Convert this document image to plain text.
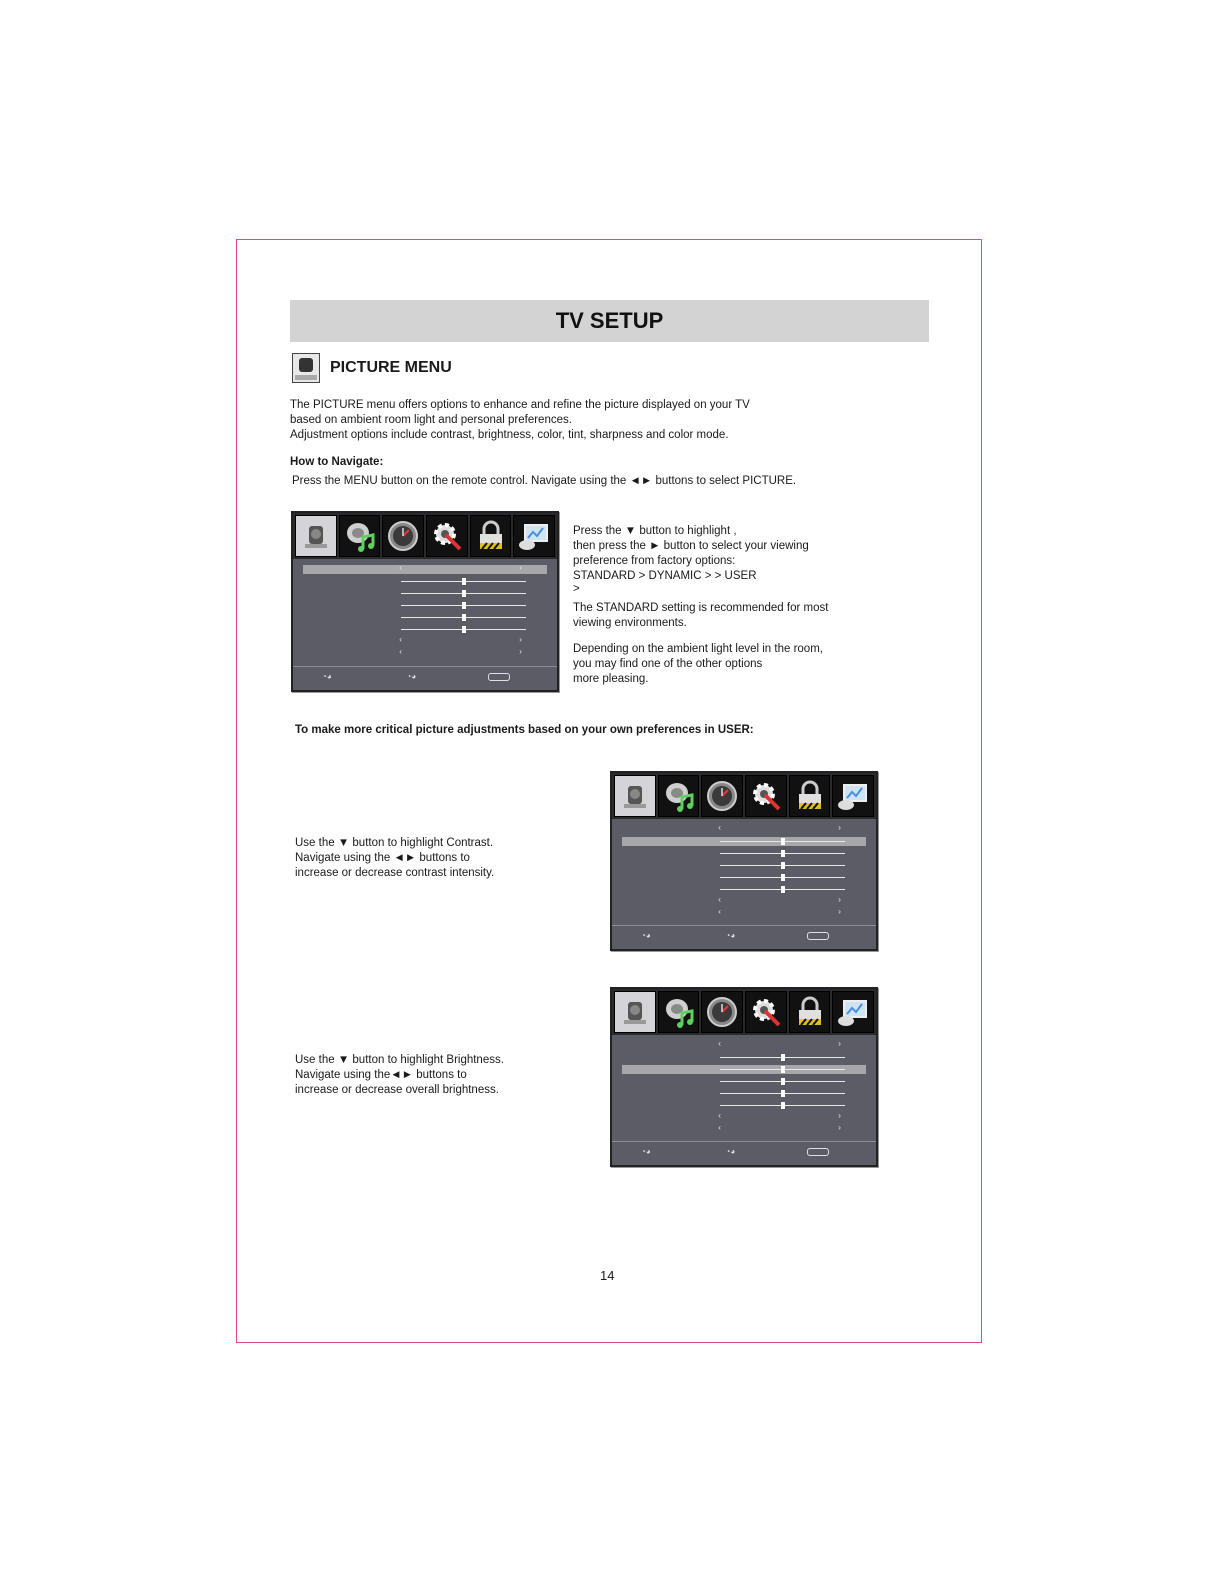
TV SETUP
PICTURE MENU
The PICTURE menu offers options to enhance and refine the picture displayed on your TV
based on ambient room light and personal preferences.
Adjustment options include contrast, brightness, color, tint, sharpness and color mode.
How to Navigate:
Press the MENU button on the remote control. Navigate using the ◄► buttons to select PICTURE.
‹	›
‹	›
‹	›
◔◕	◔◕
Press the ▼ button to highlight ,
then press the ► button to select your viewing
preference from factory options:
STANDARD > DYNAMIC > > USER
>
The STANDARD setting is recommended for most
viewing environments.
Depending on the ambient light level in the room,
you may find one of the other options
more pleasing.
To make more critical picture adjustments based on your own preferences in USER:
‹	›
‹	›
‹	›
◔◕	◔◕
Use the ▼ button to highlight Contrast.
Navigate using the ◄► buttons to
increase or decrease contrast intensity.
‹	›
‹	›
‹	›
◔◕	◔◕
Use the ▼ button to highlight Brightness.
Navigate using the◄► buttons to
increase or decrease overall brightness.
14
